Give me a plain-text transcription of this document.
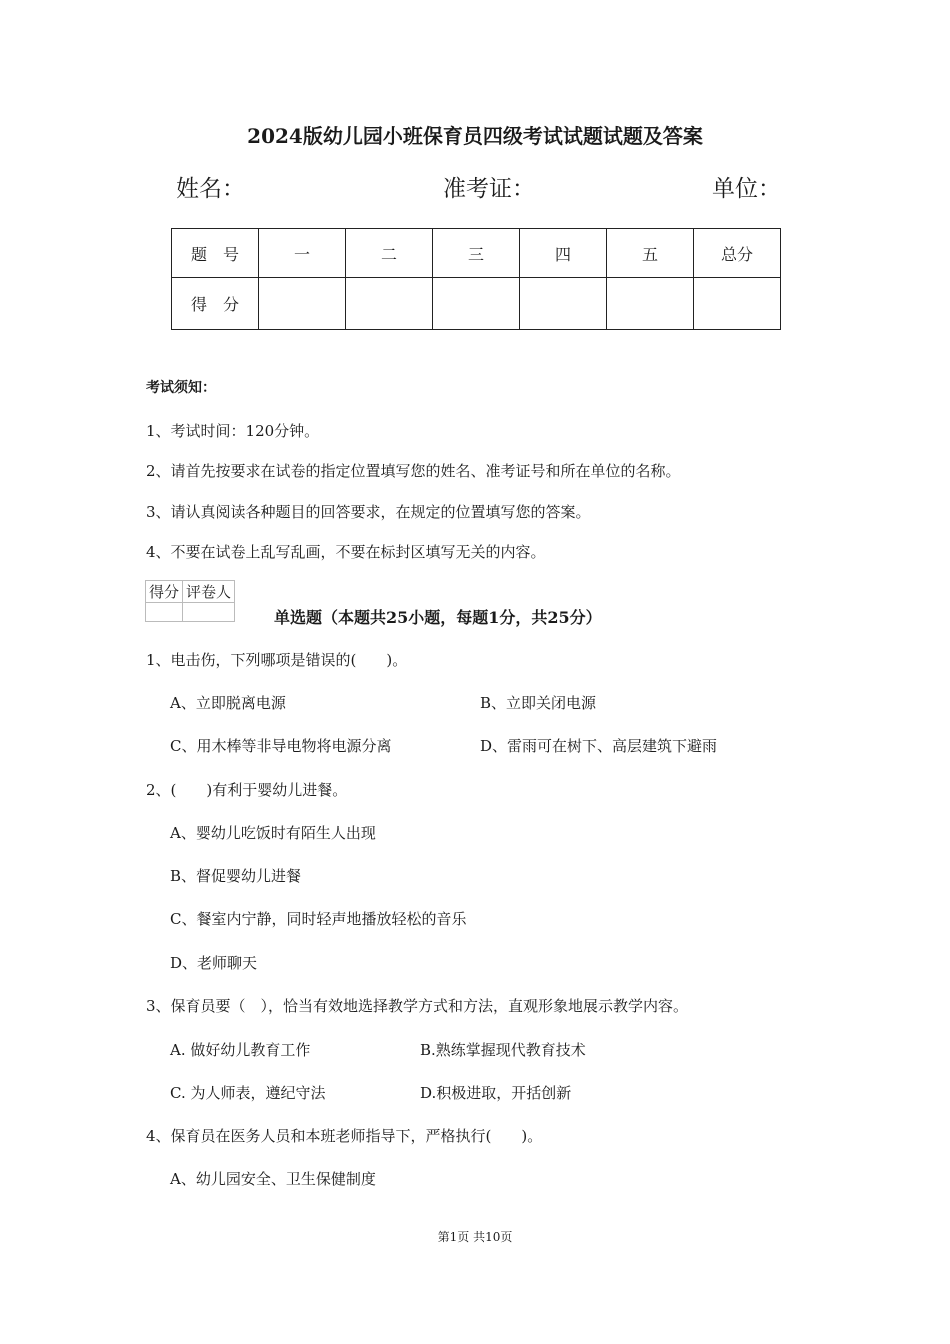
2024版幼儿园小班保育员四级考试试题试题及答案
姓名：	准考证：	单位：
题　号	一	二	三	四	五	总分
得　分						
考试须知：
1、考试时间：120分钟。
2、请首先按要求在试卷的指定位置填写您的姓名、准考证号和所在单位的名称。
3、请认真阅读各种题目的回答要求，在规定的位置填写您的答案。
4、不要在试卷上乱写乱画，不要在标封区填写无关的内容。
得分	评卷人

单选题（本题共25小题，每题1分，共25分）
1、电击伤，下列哪项是错误的(　　)。
A、立即脱离电源	B、立即关闭电源
C、用木棒等非导电物将电源分离	D、雷雨可在树下、高层建筑下避雨
2、(　　)有利于婴幼儿进餐。
A、婴幼儿吃饭时有陌生人出现
B、督促婴幼儿进餐
C、餐室内宁静，同时轻声地播放轻松的音乐
D、老师聊天
3、保育员要（　），恰当有效地选择教学方式和方法，直观形象地展示教学内容。
A. 做好幼儿教育工作	B.熟练掌握现代教育技术
C. 为人师表，遵纪守法	D.积极进取，开括创新
4、保育员在医务人员和本班老师指导下，严格执行(　　)。
A、幼儿园安全、卫生保健制度
第1页 共10页
